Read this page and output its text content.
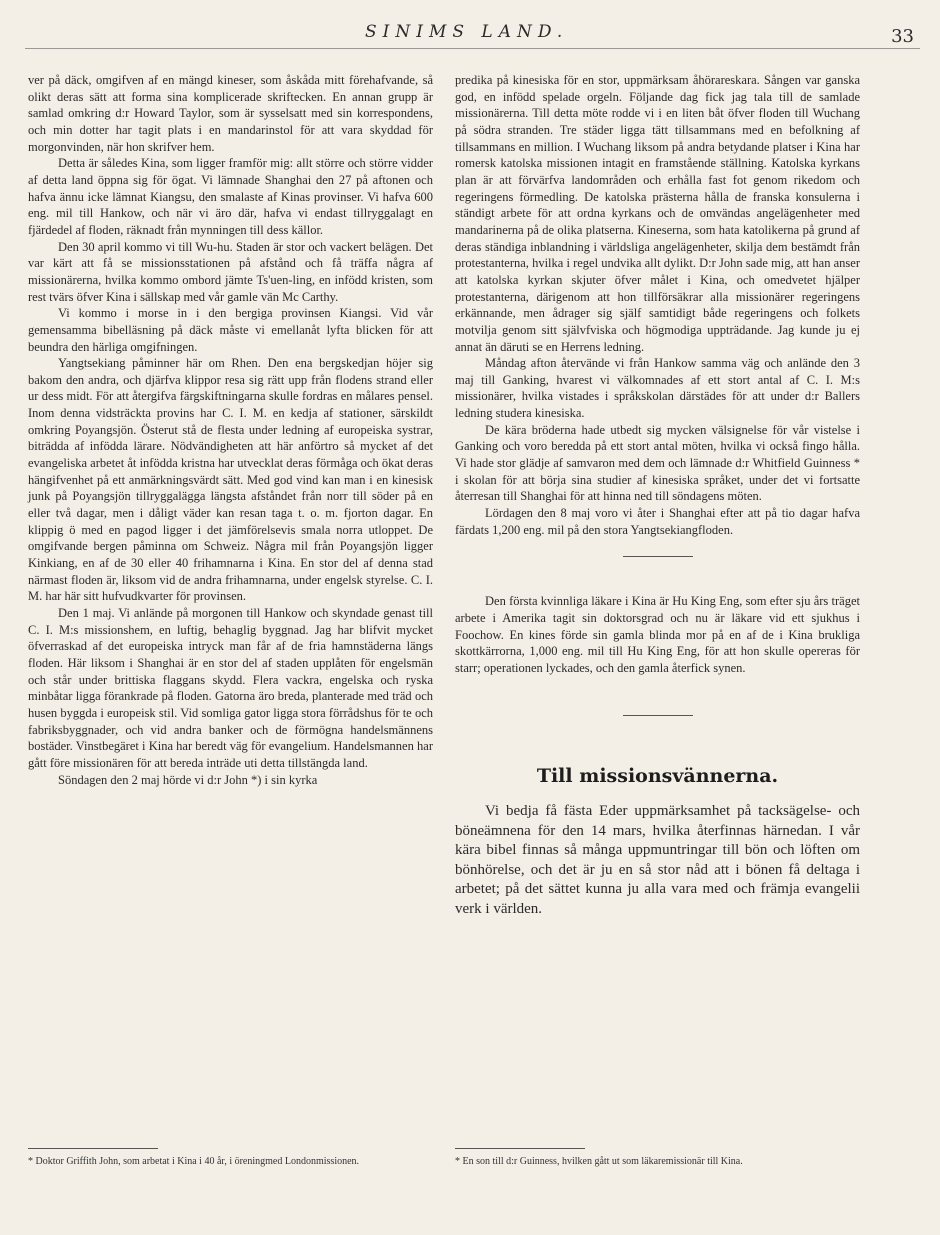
SINIMS LAND.	33

ver på däck, omgifven af en mängd kineser, som åskåda mitt förehafvande, så olikt deras sätt att forma sina komplicerade skriftecken. En annan grupp är samlad omkring d:r Howard Taylor, som är sysselsatt med sin korrespondens, och min dotter har tagit plats i en mandarinstol för att vara skyddad för morgonvinden, när hon skrifver hem.

Detta är således Kina, som ligger framför mig: allt större och större vidder af detta land öppna sig för ögat. Vi lämnade Shanghai den 27 på aftonen och hafva ännu icke lämnat Kiangsu, den smalaste af Kinas provinser. Vi hafva 600 eng. mil till Hankow, och när vi äro där, hafva vi endast tillryggalagt en fjärdedel af floden, räknadt från mynningen till dess källor.

Den 30 april kommo vi till Wu-hu. Staden är stor och vackert belägen. Det var kärt att få se missionsstationen på afstånd och få träffa några af missionärerna, hvilka kommo ombord jämte Ts'uen-ling, en infödd kristen, som rest tvärs öfver Kina i sällskap med vår gamle vän Mc Carthy.

Vi kommo i morse in i den bergiga provinsen Kiangsi. Vid vår gemensamma bibelläsning på däck måste vi emellanåt lyfta blicken för att beundra den härliga omgifningen.

Yangtsekiang påminner här om Rhen. Den ena bergskedjan höjer sig bakom den andra, och djärfva klippor resa sig rätt upp från flodens strand eller ur dess midt. För att återgifva färgskiftningarna skulle fordras en målares pensel. Inom denna vidsträckta provins har C. I. M. en kedja af stationer, särskildt omkring Poyangsjön. Österut stå de flesta under ledning af europeiska systrar, biträdda af infödda lärare. Nödvändigheten att här anförtro så mycket af det evangeliska arbetet åt infödda kristna har utvecklat deras förmåga och ökat deras hängifvenhet på ett anmärkningsvärdt sätt. Med god vind kan man i en kinesisk junk på Poyangsjön tillryggalägga längsta afståndet från norr till söder på en eller två dagar, men i dåligt väder kan resan taga t. o. m. fjorton dagar. En klippig ö med en pagod ligger i det jämförelsevis smala norra utloppet. De omgifvande bergen påminna om Schweiz. Några mil från Poyangsjön ligger Kinkiang, en af de 30 eller 40 frihamnarna i Kina. En stor del af denna stad närmast floden är, liksom vid de andra frihamnarna, under engelsk styrelse. C. I. M. har här sitt hufvudkvarter för provinsen.

Den 1 maj. Vi anlände på morgonen till Hankow och skyndade genast till C. I. M:s missionshem, en luftig, behaglig byggnad. Jag har blifvit mycket öfverraskad af det europeiska intryck man får af de fria hamnstäderna längs floden. Här liksom i Shanghai är en stor del af staden upplåten för engelsmän och står under brittiska flaggans skydd. Flera vackra, engelska och ryska minbåtar ligga förankrade på floden. Gatorna äro breda, planterade med träd och husen byggda i europeisk stil. Vid somliga gator ligga stora förrådshus för te och fabriksbyggnader, och vid andra banker och de förmögna handelsmännens bostäder. Vinstbegäret i Kina har beredt väg för evangelium. Handelsmannen har gått före missionären för att bereda inträde uti detta tillstängda land.

Söndagen den 2 maj hörde vi d:r John *) i sin kyrka

predika på kinesiska för en stor, uppmärksam åhörareskara. Sången var ganska god, en infödd spelade orgeln. Följande dag fick jag tala till de samlade missionärerna. Till detta möte rodde vi i en liten båt öfver floden till Wuchang på södra stranden. Tre städer ligga tätt tillsammans med en befolkning af tillsammans en million. I Wuchang liksom på andra betydande platser i Kina har romersk katolska missionen intagit en framstående ställning. Katolska kyrkans plan är att förvärfva landområden och erhålla fast fot genom rikedom och regeringens förmedling. De katolska prästerna hålla de franska konsulerna i ständigt arbete för att ordna kyrkans och de omvändas angelägenheter med mandarinerna på de olika platserna. Kineserna, som hata katolikerna på grund af deras ständiga inblandning i världsliga angelägenheter, skilja dem bestämdt från protestanterna, hvilka i regel undvika allt dylikt. D:r John sade mig, att han anser att katolska kyrkan skjuter öfver målet i Kina, och omedvetet hjälper protestanterna, därigenom att hon tillförsäkrar alla missionärer regeringens erkännande, men ådrager sig själf samtidigt både regeringens och folkets motvilja genom sitt självfviska och högmodiga uppträdande. Jag kunde ju ej annat än däruti se en Herrens ledning.

Måndag afton återvände vi från Hankow samma väg och anlände den 3 maj till Ganking, hvarest vi välkomnades af ett stort antal af C. I. M:s missionärer, hvilka vistades i språkskolan därstädes för att under d:r Ballers ledning studera kinesiska.

De kära bröderna hade utbedt sig mycken välsignelse för vår vistelse i Ganking och voro beredda på ett stort antal möten, hvilka vi också fingo hålla. Vi hade stor glädje af samvaron med dem och lämnade d:r Whitfield Guinness * i skolan för att börja sina studier af kinesiska språket, under det vi fortsatte återresan till Shanghai för att hinna ned till söndagens möten.

Lördagen den 8 maj voro vi åter i Shanghai efter att på tio dagar hafva färdats 1,200 eng. mil på den stora Yangtsekiangfloden.

Den första kvinnliga läkare i Kina är Hu King Eng, som efter sju års träget arbete i Amerika tagit sin doktorsgrad och nu är läkare vid ett sjukhus i Foochow. En kines förde sin gamla blinda mor på en af de i Kina brukliga skottkärrorna, 1,000 eng. mil till Hu King Eng, för att hon skulle opereras för starr; operationen lyckades, och den gamla återfick synen.

Till missionsvännerna.

Vi bedja få fästa Eder uppmärksamhet på tacksägelse- och böneämnena för den 14 mars, hvilka återfinnas härnedan. I vår kära bibel finnas så många uppmuntringar till bön och löften om bönhörelse, och det är ju en så stor nåd att i bönen få deltaga i arbetet; på det sättet kunna ju alla vara med och främja evangelii verk i världen.

* Doktor Griffith John, som arbetat i Kina i 40 år, i öreningmed Londonmissionen.	* En son till d:r Guinness, hvilken gått ut som läkaremissionär till Kina.
